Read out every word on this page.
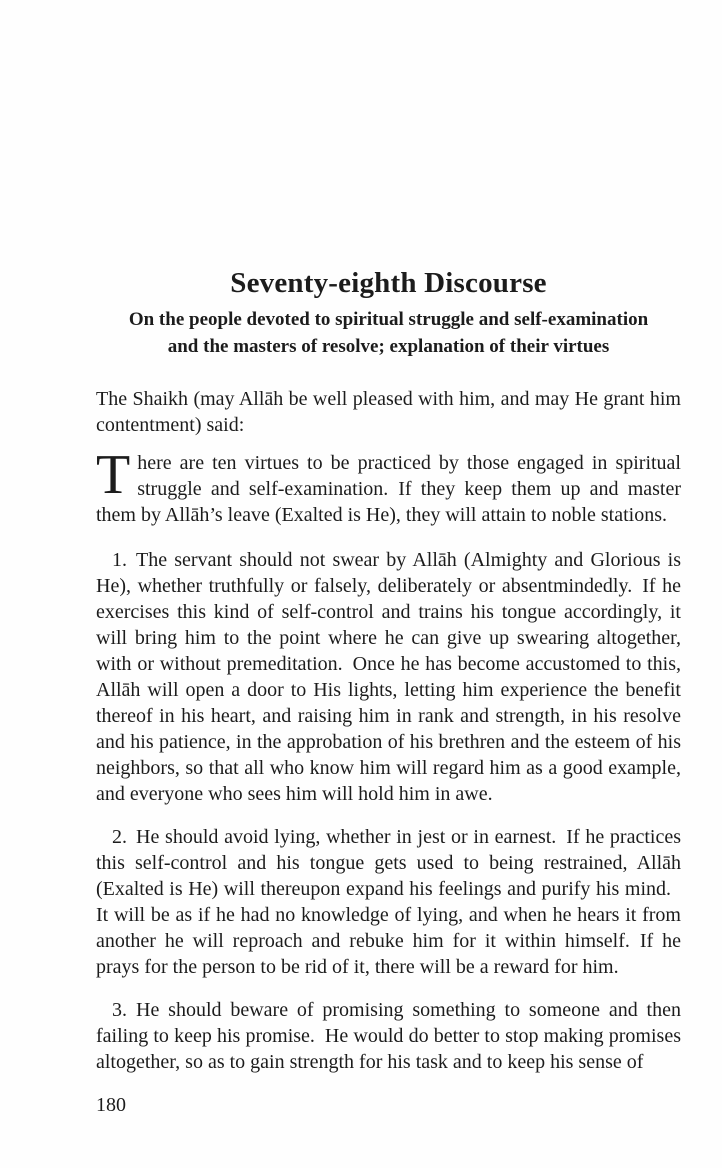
Seventy-eighth Discourse
On the people devoted to spiritual struggle and self-examination
and the masters of resolve; explanation of their virtues

The Shaikh (may Allāh be well pleased with him, and may He grant him contentment) said:

There are ten virtues to be practiced by those engaged in spiritual struggle and self-examination. If they keep them up and master them by Allāh’s leave (Exalted is He), they will attain to noble stations.

1. The servant should not swear by Allāh (Almighty and Glorious is He), whether truthfully or falsely, deliberately or absentmindedly. If he exercises this kind of self-control and trains his tongue accordingly, it will bring him to the point where he can give up swearing altogether, with or without premeditation. Once he has become accustomed to this, Allāh will open a door to His lights, letting him experience the benefit thereof in his heart, and raising him in rank and strength, in his resolve and his patience, in the approbation of his brethren and the esteem of his neighbors, so that all who know him will regard him as a good example, and everyone who sees him will hold him in awe.

2. He should avoid lying, whether in jest or in earnest. If he practices this self-control and his tongue gets used to being restrained, Allāh (Exalted is He) will thereupon expand his feelings and purify his mind. It will be as if he had no knowledge of lying, and when he hears it from another he will reproach and rebuke him for it within himself. If he prays for the person to be rid of it, there will be a reward for him.

3. He should beware of promising something to someone and then failing to keep his promise. He would do better to stop making promises altogether, so as to gain strength for his task and to keep his sense of

180
